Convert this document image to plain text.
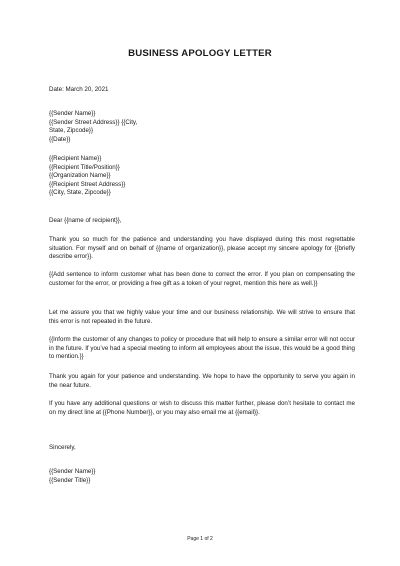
BUSINESS APOLOGY LETTER
Date: March 20, 2021

{{Sender Name}}

{{Sender Street Address}} {{City,

State, Zipcode}}

{{Date}}

{{Recipient Name}}

{{Recipient Title/Position}}

{{Organization Name}}

{{Recipient Street Address}}

{{City, State, Zipcode}}

Dear {{name of recipient}},
Thank you so much for the patience and understanding you have displayed during this most regrettable situation. For myself and on behalf of {{name of organization}}, please accept my sincere apology for {{briefly describe error}}.
{{Add sentence to inform customer what has been done to correct the error. If you plan on compensating the customer for the error, or providing a free gift as a token of your regret, mention this here as well.}}
Let me assure you that we highly value your time and our business relationship. We will strive to ensure that this error is not repeated in the future.
{{Inform the customer of any changes to policy or procedure that will help to ensure a similar error will not occur in the future. If you’ve had a special meeting to inform all employees about the issue, this would be a good thing to mention.}}
Thank you again for your patience and understanding. We hope to have the opportunity to serve you again in the near future.
If you have any additional questions or wish to discuss this matter further, please don’t hesitate to contact me on my direct line at {{Phone Number}}, or you may also email me at {{email}}.
Sincerely,

{{Sender Name}}

{{Sender Title}}

Page 1 of 2
